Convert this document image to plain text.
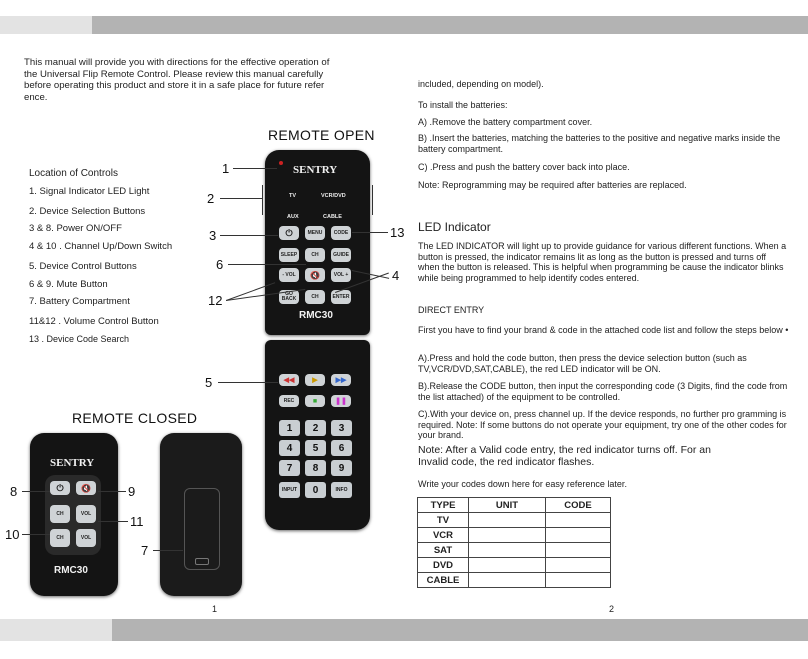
This manual will provide you with directions for the effective operation of
the Universal Flip Remote Control. Please review this manual carefully
before operating this product and store it in a safe place for future refer
ence.
Location of Controls
1. Signal Indicator LED Light
2. Device Selection Buttons
3 & 8. Power ON/OFF
4 & 10 . Channel Up/Down Switch
5. Device Control Buttons
6 & 9. Mute Button
7. Battery Compartment
11&12 . Volume Control Button
13 . Device Code Search
REMOTE OPEN
REMOTE CLOSED
SENTRY
TV	VCR/DVD
AUX	CABLE
⏻	MENU	CODE
SLEEP	CH	GUIDE
- VOL	🔇	VOL +
GO BACK	CH	ENTER
RMC30
◀◀	▶	▶▶
REC	■	❚❚
1	2	3
4	5	6
7	8	9
INPUT	0	INFO
SENTRY
⏻ 🔇
CH	VOL
CH	VOL
RMC30
1
2
3
6
12
13
4
5
8	9
10
11
7
included, depending on model).
To install the batteries:
A) .Remove the battery compartment cover.
B) .Insert the batteries, matching the batteries to the positive and negative marks inside the battery compartment.
C) .Press and push the battery cover back into place.
Note: Reprogramming may be required after batteries are replaced.
LED Indicator
The LED INDICATOR will light up to provide guidance for various different functions. When a button is pressed, the indicator remains lit as long as the button is pressed and turns off when the button is released. This is helpful when programming be cause the indicator blinks while being programmed to help identify codes entered.
DIRECT ENTRY
First you have to find your brand & code in the attached code list and follow the steps below •
A).Press and hold the code button, then press the device selection button (such as TV,VCR/DVD,SAT,CABLE), the red LED indicator will be ON.
B).Release the CODE button, then input the corresponding code (3 Digits, find the code from the list attached) of the equipment to be controlled.
C).With your device on, press channel up. If the device responds, no further pro gramming is required. Note: If some buttons do not operate your equipment, try one of the other codes for your brand.
Note: After a Valid code entry, the red indicator turns off. For an Invalid code, the red indicator flashes.
Write your codes down here for easy reference later.
TYPE	UNIT	CODE
TV		
VCR		
SAT		
DVD		
CABLE		
1	2
